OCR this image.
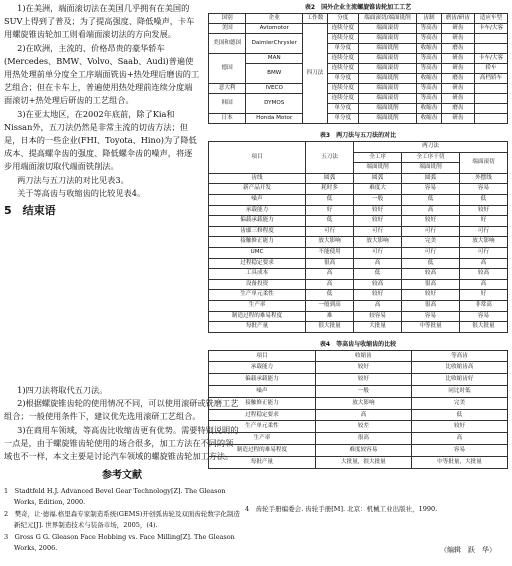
1)在美洲，端面滚切法在美国几乎拥有在美国的SUV上得到了普及；为了提高强度、降低噪声，卡车用螺旋锥齿轮加工则看端面滚切法的方向发展。

2)在欧洲，主流的、价格昂贵的豪华轿车(Mercedes、BMW、Volvo、Saab、Audi)普遍使用热处理前单分度全工序端面铣齿+热处理后磨齿的工艺组合；但在卡车上，普遍使用热处理前连续分度端面滚切+热处理后研齿的工艺组合。

3)在亚太地区，在2002年底前，除了Kia和Nissan外，五刀法仍然是非常主流的切齿方法；但是，日本的一些企业(FHI、Toyota、Hino)为了降低成本、提高螺伞齿的强度、降低螺伞齿的噪声，将逐步用端面滚切取代端面铣削法。

两刀法与五刀法的对比见表3。

关于等高齿与收缩齿的比较见表4。

5　结束语

1)四刀法将取代五刀法。

2)根据螺旋锥齿轮的使用情况不同，可以使用滚研或铣磨工艺组合；一般使用条件下，建议优先选用滚研工艺组合。

3)在商用车领域，等高齿比收缩齿更有优势。需要特别说明的一点是，由于螺旋锥齿轮使用的场合很多，加工方法在不同的领域也不一样，本文主要是讨论汽车领域的螺旋锥齿轮加工方法。

参考文献
1　Stadtfeld H.J. Advanced Bevel Gear Technology[Z]. The Gleason Works, Edition, 2000.
2　樊奇，让·德福.格里森专家制造系统(GEMS)开创弧齿轮及双面齿轮数字化制造新纪元[J]. 世界制造技术与装备市场，2005，(4).
3　Gross G G. Gleason Face Hobbing vs. Face Milling[Z]. The Gleason Works, 2006.
表2　国外企业主流螺旋锥齿轮加工工艺
国别	企业	工作数	分度	端面滚切/端面铣削	齿制	磨齿/研齿	适应车型
美国	Avtomotor	四刀法	连续分度	端面滚切	等高齿	研齿	卡车/大客
美国和德国	DaimlerChrysler		连续分度	端面滚切	等高齿	研齿	
			单分度	端面铣削	收缩齿	磨齿	
德国	MAN		连续分度	端面滚切	等高齿	研齿	卡车/大客
	BMW		连续分度	端面滚切	等高齿	研齿	轿车
			单分度	端面铣削	收缩齿	磨齿	高档轿车
意大利	IVECO		连续分度	端面滚切	等高齿	研齿	
韩国	DYMOS		连续分度	端面滚切	等高齿	研齿	
			单分度	端面铣削	收缩齿	磨齿	
日本	Honda Motor		单分度	端面铣削	收缩齿	研齿	
表3　两刀法与五刀法的对比
项目	五刀法	两刀法		
		全工序	全工序干切	端面滚切
		端面铣削	端面铣削	
齿线	圆弧	圆弧	圆弧	外摆线
新产品开发	耗时多	难度大	容易	容易
噪声	低	一般	低	低
承载能力	好	较好	高	较好
偏载承载能力	低	较好	较好	好
齿廓三修程度	可行	可行	可行	可行
接触修正能力	放大影响	放大影响	完美	放大影响
UMC	不能使用	可行	可行	可行
过程稳定要求	很高	高	低	高
工具成本	高	低	较高	较高
设备投资	高	较高	很高	高
生产单元柔性	低	较好	较好	好
生产率	一般到高	高	很高	非常高
制造过程的难易程度	难	较容易	容易	容易
每批产量	很大批量	大批量	中等批量	很大批量
表4　等高齿与收缩齿的比较
项目	收缩齿	等高齿
承载能力	较好	比收缩齿高
偏载承载能力	较好	比收缩齿好
噪声	一般	同比时低
接触修正能力	放大影响	完美
过程稳定要求	高	低
生产单元柔性	较差	较好
生产率	很高	高
制造过程的难易程度	难度较容易	容易
每批产量	大批量，很大批量	中等批量，大批量
4　齿轮手册编委会. 齿轮手册[M]. 北京：机械工业出版社，1990.
（编辑　跃　华）
